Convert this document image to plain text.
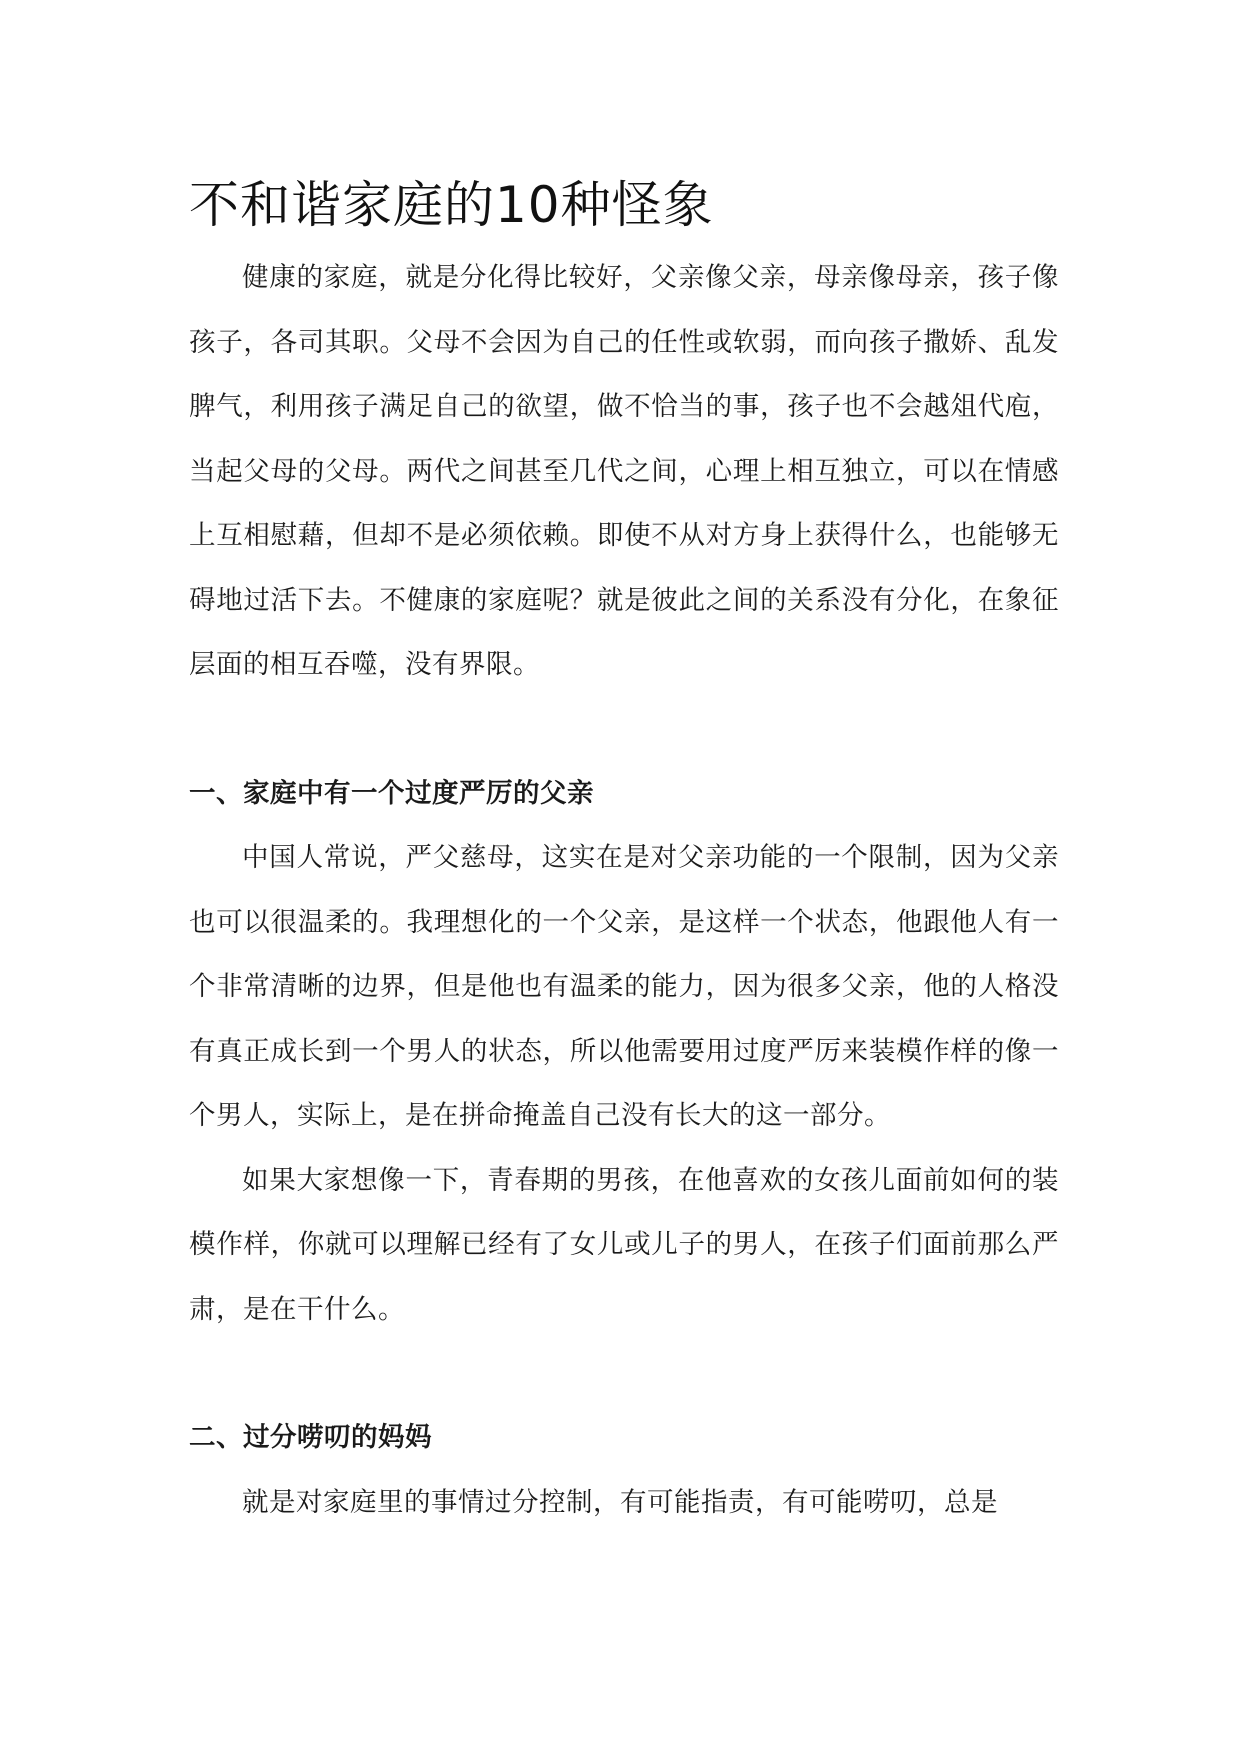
不和谐家庭的10种怪象

健康的家庭，就是分化得比较好，父亲像父亲，母亲像母亲，孩子像孩子，各司其职。父母不会因为自己的任性或软弱，而向孩子撒娇、乱发脾气，利用孩子满足自己的欲望，做不恰当的事，孩子也不会越俎代庖，当起父母的父母。两代之间甚至几代之间，心理上相互独立，可以在情感上互相慰藉，但却不是必须依赖。即使不从对方身上获得什么，也能够无碍地过活下去。不健康的家庭呢？就是彼此之间的关系没有分化，在象征层面的相互吞噬，没有界限。

一、家庭中有一个过度严厉的父亲

中国人常说，严父慈母，这实在是对父亲功能的一个限制，因为父亲也可以很温柔的。我理想化的一个父亲，是这样一个状态，他跟他人有一个非常清晰的边界，但是他也有温柔的能力，因为很多父亲，他的人格没有真正成长到一个男人的状态，所以他需要用过度严厉来装模作样的像一个男人，实际上，是在拼命掩盖自己没有长大的这一部分。

如果大家想像一下，青春期的男孩，在他喜欢的女孩儿面前如何的装模作样，你就可以理解已经有了女儿或儿子的男人，在孩子们面前那么严肃，是在干什么。

二、过分唠叨的妈妈

就是对家庭里的事情过分控制，有可能指责，有可能唠叨，总是
